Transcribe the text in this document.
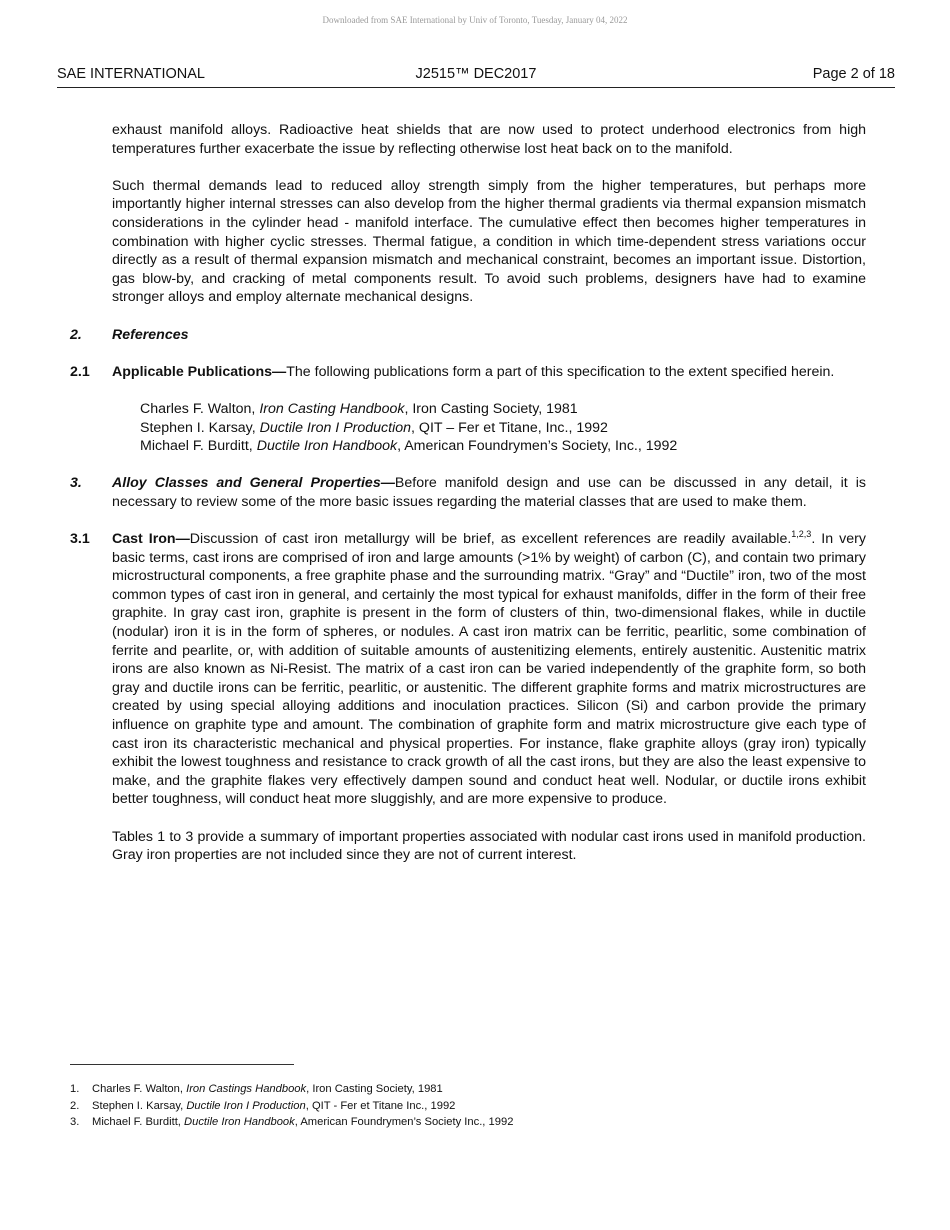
Downloaded from SAE International by Univ of Toronto, Tuesday, January 04, 2022
SAE INTERNATIONAL	J2515™ DEC2017	Page 2 of 18

exhaust manifold alloys. Radioactive heat shields that are now used to protect underhood electronics from high temperatures further exacerbate the issue by reflecting otherwise lost heat back on to the manifold.

Such thermal demands lead to reduced alloy strength simply from the higher temperatures, but perhaps more importantly higher internal stresses can also develop from the higher thermal gradients via thermal expansion mismatch considerations in the cylinder head - manifold interface. The cumulative effect then becomes higher temperatures in combination with higher cyclic stresses. Thermal fatigue, a condition in which time-dependent stress variations occur directly as a result of thermal expansion mismatch and mechanical constraint, becomes an important issue. Distortion, gas blow-by, and cracking of metal components result. To avoid such problems, designers have had to examine stronger alloys and employ alternate mechanical designs.

2. References
2.1 Applicable Publications—The following publications form a part of this specification to the extent specified herein.
Charles F. Walton, Iron Casting Handbook, Iron Casting Society, 1981
Stephen I. Karsay, Ductile Iron I Production, QIT – Fer et Titane, Inc., 1992
Michael F. Burditt, Ductile Iron Handbook, American Foundrymen’s Society, Inc., 1992
3. Alloy Classes and General Properties—Before manifold design and use can be discussed in any detail, it is necessary to review some of the more basic issues regarding the material classes that are used to make them.
3.1 Cast Iron—Discussion of cast iron metallurgy will be brief, as excellent references are readily available.$^{1,2,3}$. In very basic terms, cast irons are comprised of iron and large amounts (>1% by weight) of carbon (C), and contain two primary microstructural components, a free graphite phase and the surrounding matrix. “Gray” and “Ductile” iron, two of the most common types of cast iron in general, and certainly the most typical for exhaust manifolds, differ in the form of their free graphite. In gray cast iron, graphite is present in the form of clusters of thin, two-dimensional flakes, while in ductile (nodular) iron it is in the form of spheres, or nodules. A cast iron matrix can be ferritic, pearlitic, some combination of ferrite and pearlite, or, with addition of suitable amounts of austenitizing elements, entirely austenitic. Austenitic matrix irons are also known as Ni-Resist. The matrix of a cast iron can be varied independently of the graphite form, so both gray and ductile irons can be ferritic, pearlitic, or austenitic. The different graphite forms and matrix microstructures are created by using special alloying additions and inoculation practices. Silicon (Si) and carbon provide the primary influence on graphite type and amount. The combination of graphite form and matrix microstructure give each type of cast iron its characteristic mechanical and physical properties. For instance, flake graphite alloys (gray iron) typically exhibit the lowest toughness and resistance to crack growth of all the cast irons, but they are also the least expensive to make, and the graphite flakes very effectively dampen sound and conduct heat well. Nodular, or ductile irons exhibit better toughness, will conduct heat more sluggishly, and are more expensive to produce.

Tables 1 to 3 provide a summary of important properties associated with nodular cast irons used in manifold production. Gray iron properties are not included since they are not of current interest.

1. Charles F. Walton, Iron Castings Handbook, Iron Casting Society, 1981
2. Stephen I. Karsay, Ductile Iron I Production, QIT - Fer et Titane Inc., 1992
3. Michael F. Burditt, Ductile Iron Handbook, American Foundrymen’s Society Inc., 1992
